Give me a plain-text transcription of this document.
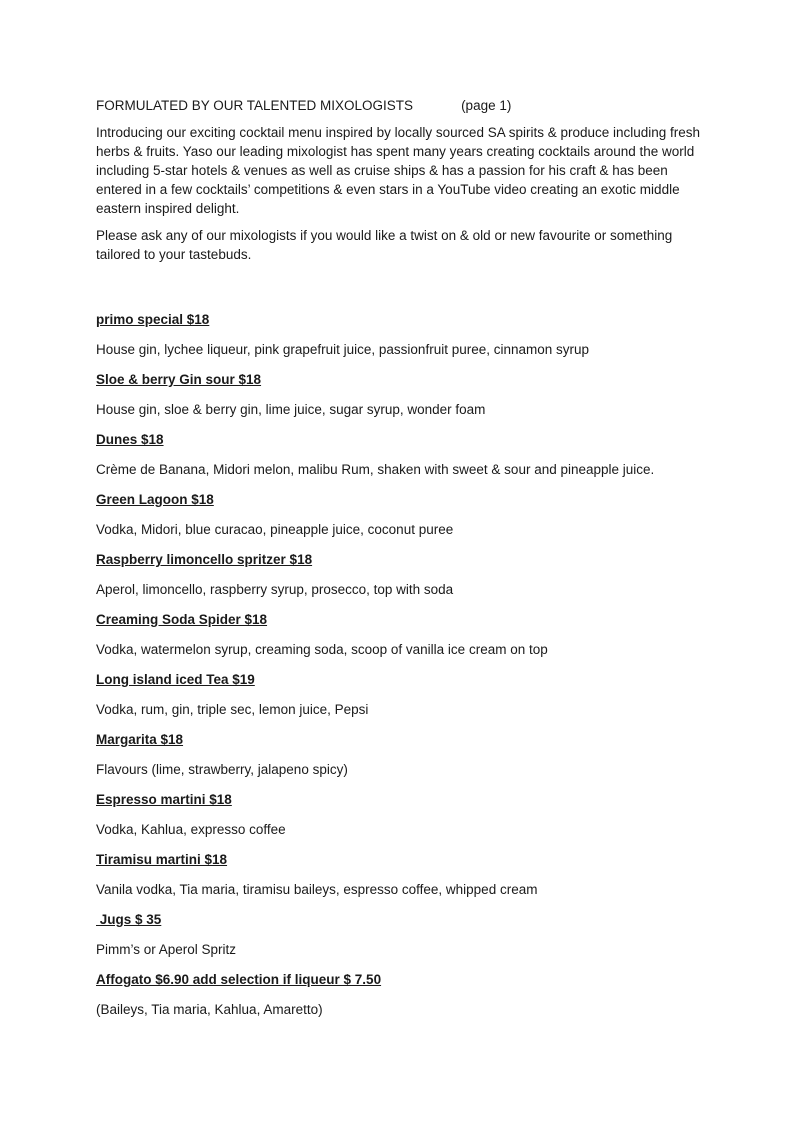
FORMULATED BY OUR TALENTED MIXOLOGISTS	(page 1)

Introducing our exciting cocktail menu inspired by locally sourced SA spirits & produce including fresh herbs & fruits. Yaso our leading mixologist has spent many years creating cocktails around the world including 5-star hotels & venues as well as cruise ships & has a passion for his craft & has been entered in a few cocktails’ competitions & even stars in a YouTube video creating an exotic middle eastern inspired delight.

Please ask any of our mixologists if you would like a twist on & old or new favourite or something tailored to your tastebuds.

primo special $18
House gin, lychee liqueur, pink grapefruit juice, passionfruit puree, cinnamon syrup
Sloe & berry Gin sour $18
House gin, sloe & berry gin, lime juice, sugar syrup, wonder foam
Dunes $18
Crème de Banana, Midori melon, malibu Rum, shaken with sweet & sour and pineapple juice.
Green Lagoon $18
Vodka, Midori, blue curacao, pineapple juice, coconut puree
Raspberry limoncello spritzer $18
Aperol, limoncello, raspberry syrup, prosecco, top with soda
Creaming Soda Spider $18
Vodka, watermelon syrup, creaming soda, scoop of vanilla ice cream on top
Long island iced Tea $19
Vodka, rum, gin, triple sec, lemon juice, Pepsi
Margarita $18
Flavours (lime, strawberry, jalapeno spicy)
Espresso martini $18
Vodka, Kahlua, expresso coffee
Tiramisu martini $18
Vanila vodka, Tia maria, tiramisu baileys, espresso coffee, whipped cream
Jugs $ 35
Pimm’s or Aperol Spritz
Affogato $6.90 add selection if liqueur $ 7.50
(Baileys, Tia maria, Kahlua, Amaretto)
